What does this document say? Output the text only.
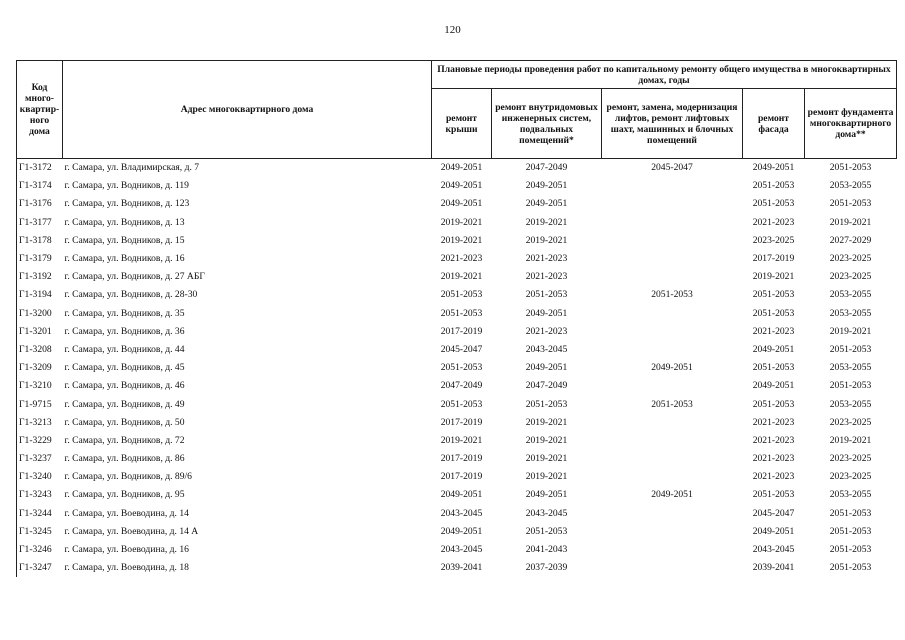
120
Код много-квартир-ного дома	Адрес многоквартирного дома	Плановые периоды проведения работ по капитальному ремонту общего имущества в многоквартирных домах, годы				
		ремонт крыши	ремонт внутридомовых инженерных систем, подвальных помещений*	ремонт, замена, модернизация лифтов, ремонт лифтовых шахт, машинных и блочных помещений	ремонт фасада	ремонт фундамента многоквартирного дома**
Г1-3172	г. Самара, ул. Владимирская, д. 7	2049-2051	2047-2049	2045-2047	2049-2051	2051-2053
Г1-3174	г. Самара, ул. Водников, д. 119	2049-2051	2049-2051		2051-2053	2053-2055
Г1-3176	г. Самара, ул. Водников, д. 123	2049-2051	2049-2051		2051-2053	2051-2053
Г1-3177	г. Самара, ул. Водников, д. 13	2019-2021	2019-2021		2021-2023	2019-2021
Г1-3178	г. Самара, ул. Водников, д. 15	2019-2021	2019-2021		2023-2025	2027-2029
Г1-3179	г. Самара, ул. Водников, д. 16	2021-2023	2021-2023		2017-2019	2023-2025
Г1-3192	г. Самара, ул. Водников, д. 27 АБГ	2019-2021	2021-2023		2019-2021	2023-2025
Г1-3194	г. Самара, ул. Водников, д. 28-30	2051-2053	2051-2053	2051-2053	2051-2053	2053-2055
Г1-3200	г. Самара, ул. Водников, д. 35	2051-2053	2049-2051		2051-2053	2053-2055
Г1-3201	г. Самара, ул. Водников, д. 36	2017-2019	2021-2023		2021-2023	2019-2021
Г1-3208	г. Самара, ул. Водников, д. 44	2045-2047	2043-2045		2049-2051	2051-2053
Г1-3209	г. Самара, ул. Водников, д. 45	2051-2053	2049-2051	2049-2051	2051-2053	2053-2055
Г1-3210	г. Самара, ул. Водников, д. 46	2047-2049	2047-2049		2049-2051	2051-2053
Г1-9715	г. Самара, ул. Водников, д. 49	2051-2053	2051-2053	2051-2053	2051-2053	2053-2055
Г1-3213	г. Самара, ул. Водников, д. 50	2017-2019	2019-2021		2021-2023	2023-2025
Г1-3229	г. Самара, ул. Водников, д. 72	2019-2021	2019-2021		2021-2023	2019-2021
Г1-3237	г. Самара, ул. Водников, д. 86	2017-2019	2019-2021		2021-2023	2023-2025
Г1-3240	г. Самара, ул. Водников, д. 89/6	2017-2019	2019-2021		2021-2023	2023-2025
Г1-3243	г. Самара, ул. Водников, д. 95	2049-2051	2049-2051	2049-2051	2051-2053	2053-2055
Г1-3244	г. Самара, ул. Воеводина, д. 14	2043-2045	2043-2045		2045-2047	2051-2053
Г1-3245	г. Самара, ул. Воеводина, д. 14 А	2049-2051	2051-2053		2049-2051	2051-2053
Г1-3246	г. Самара, ул. Воеводина, д. 16	2043-2045	2041-2043		2043-2045	2051-2053
Г1-3247	г. Самара, ул. Воеводина, д. 18	2039-2041	2037-2039		2039-2041	2051-2053
